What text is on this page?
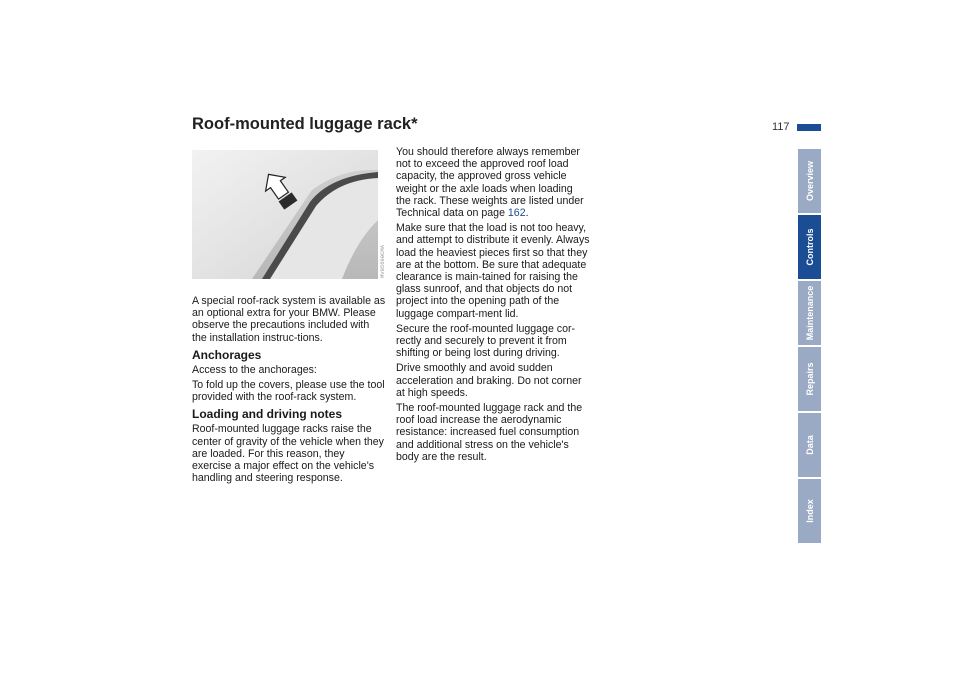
Roof-mounted luggage rack*	117
MV05690CMA

A special roof-rack system is available as an optional extra for your BMW. Please observe the precautions included with the installation instruc-tions.

Anchorages

Access to the anchorages:

To fold up the covers, please use the tool provided with the roof-rack system.

Loading and driving notes

Roof-mounted luggage racks raise the center of gravity of the vehicle when they are loaded. For this reason, they exercise a major effect on the vehicle's handling and steering response.

You should therefore always remember not to exceed the approved roof load capacity, the approved gross vehicle weight or the axle loads when loading the rack. These weights are listed under Technical data on page 162.

Make sure that the load is not too heavy, and attempt to distribute it evenly. Always load the heaviest pieces first so that they are at the bottom. Be sure that adequate clearance is main-tained for raising the glass sunroof, and that objects do not project into the opening path of the luggage compart-ment lid.

Secure the roof-mounted luggage cor-rectly and securely to prevent it from shifting or being lost during driving.

Drive smoothly and avoid sudden acceleration and braking. Do not corner at high speeds.

The roof-mounted luggage rack and the roof load increase the aerodynamic resistance: increased fuel consumption and additional stress on the vehicle's body are the result.

Overview
Controls
Maintenance
Repairs
Data
Index
